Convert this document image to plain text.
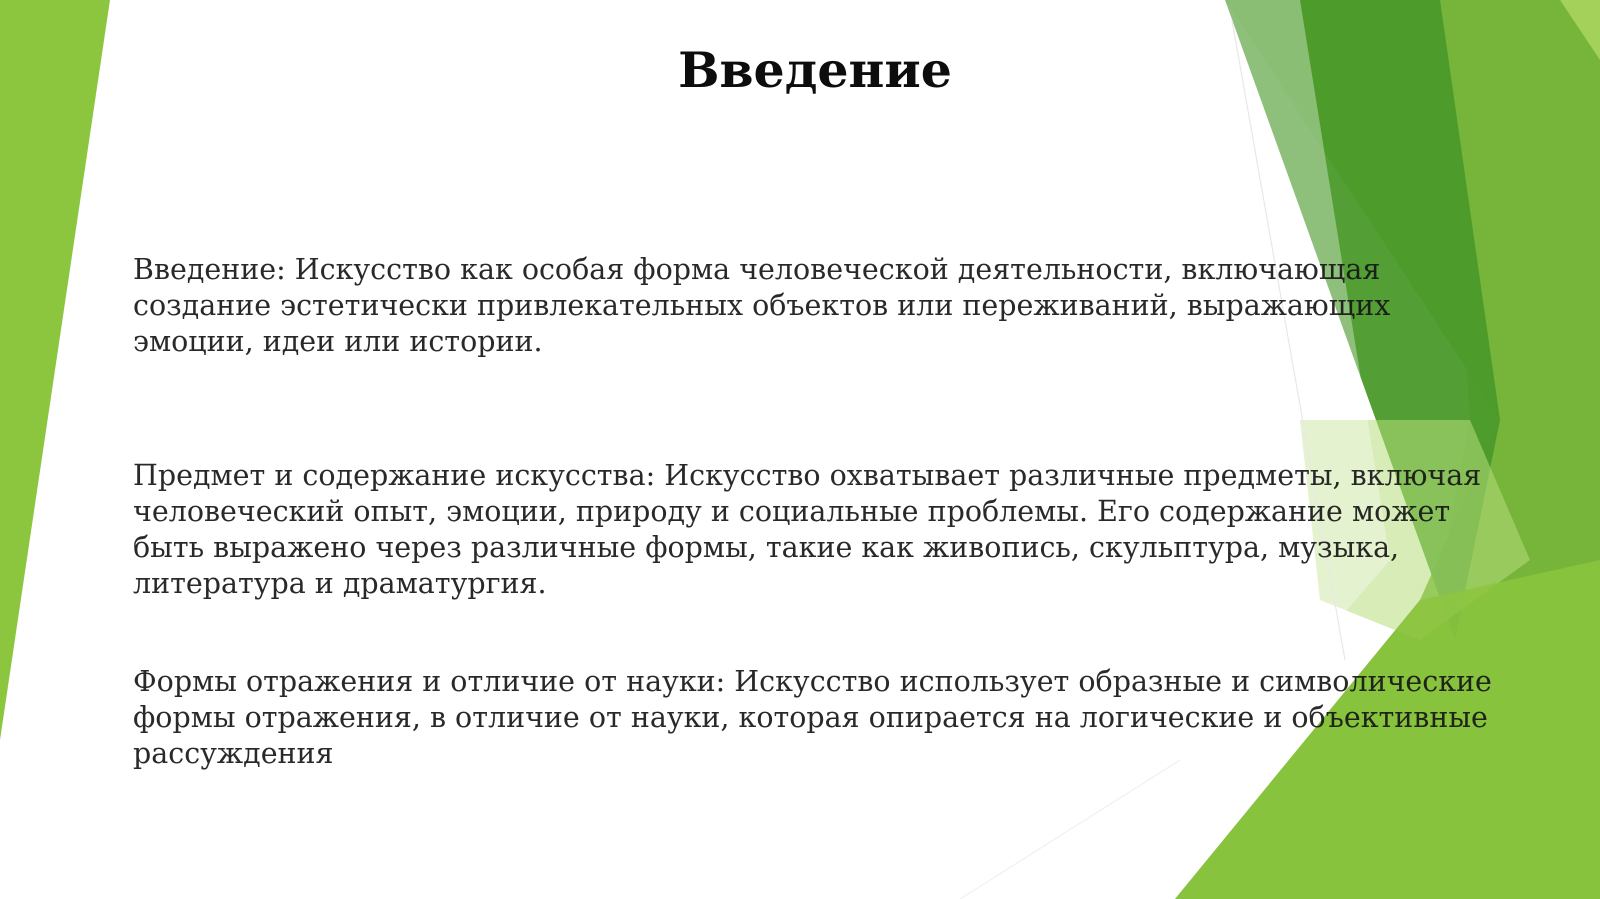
Введение

Введение: Искусство как особая форма человеческой деятельности, включающая
создание эстетически привлекательных объектов или переживаний, выражающих
эмоции, идеи или истории.

Предмет и содержание искусства: Искусство охватывает различные предметы, включая
человеческий опыт, эмоции, природу и социальные проблемы. Его содержание может
быть выражено через различные формы, такие как живопись, скульптура, музыка,
литература и драматургия.

Формы отражения и отличие от науки: Искусство использует образные и символические
формы отражения, в отличие от науки, которая опирается на логические и объективные
рассуждения
